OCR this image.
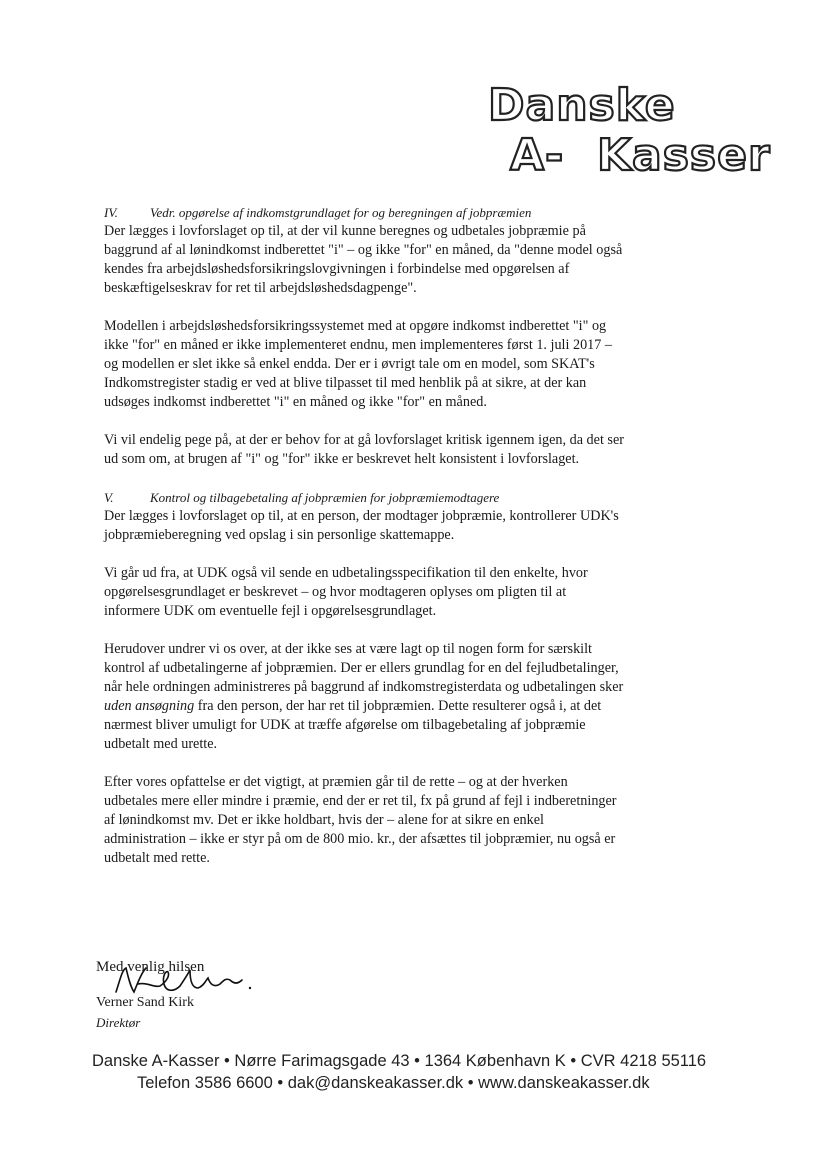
Danske
A-  Kasser
IV.	Vedr. opgørelse af indkomstgrundlaget for og beregningen af jobpræmien

Der lægges i lovforslaget op til, at der vil kunne beregnes og udbetales jobpræmie på baggrund af al lønindkomst indberettet "i" – og ikke "for" en måned, da "denne model også kendes fra arbejdsløshedsforsikringslovgivningen i forbindelse med opgørelsen af beskæftigelseskrav for ret til arbejdsløshedsdagpenge".

Modellen i arbejdsløshedsforsikringssystemet med at opgøre indkomst indberettet "i" og ikke "for" en måned er ikke implementeret endnu, men implementeres først 1. juli 2017 – og modellen er slet ikke så enkel endda. Der er i øvrigt tale om en model, som SKAT's Indkomstregister stadig er ved at blive tilpasset til med henblik på at sikre, at der kan udsøges indkomst indberettet "i" en måned og ikke "for" en måned.

Vi vil endelig pege på, at der er behov for at gå lovforslaget kritisk igennem igen, da det ser ud som om, at brugen af "i" og "for" ikke er beskrevet helt konsistent i lovforslaget.

V.	Kontrol og tilbagebetaling af jobpræmien for jobpræmiemodtagere

Der lægges i lovforslaget op til, at en person, der modtager jobpræmie, kontrollerer UDK's jobpræmieberegning ved opslag i sin personlige skattemappe.

Vi går ud fra, at UDK også vil sende en udbetalingsspecifikation til den enkelte, hvor opgørelsesgrundlaget er beskrevet – og hvor modtageren oplyses om pligten til at informere UDK om eventuelle fejl i opgørelsesgrundlaget.

Herudover undrer vi os over, at der ikke ses at være lagt op til nogen form for særskilt kontrol af udbetalingerne af jobpræmien. Der er ellers grundlag for en del fejludbetalinger, når hele ordningen administreres på baggrund af indkomstregisterdata og udbetalingen sker uden ansøgning fra den person, der har ret til jobpræmien. Dette resulterer også i, at det nærmest bliver umuligt for UDK at træffe afgørelse om tilbagebetaling af jobpræmie udbetalt med urette.

Efter vores opfattelse er det vigtigt, at præmien går til de rette – og at der hverken udbetales mere eller mindre i præmie, end der er ret til, fx på grund af fejl i indberetninger af lønindkomst mv. Det er ikke holdbart, hvis der – alene for at sikre en enkel administration – ikke er styr på om de 800 mio. kr., der afsættes til jobpræmier, nu også er udbetalt med rette.

Med venlig hilsen
Verner Sand Kirk
Direktør
Danske A-Kasser • Nørre Farimagsgade 43 • 1364 København K • CVR 4218 55116
Telefon 3586 6600 • dak@danskeakasser.dk • www.danskeakasser.dk
